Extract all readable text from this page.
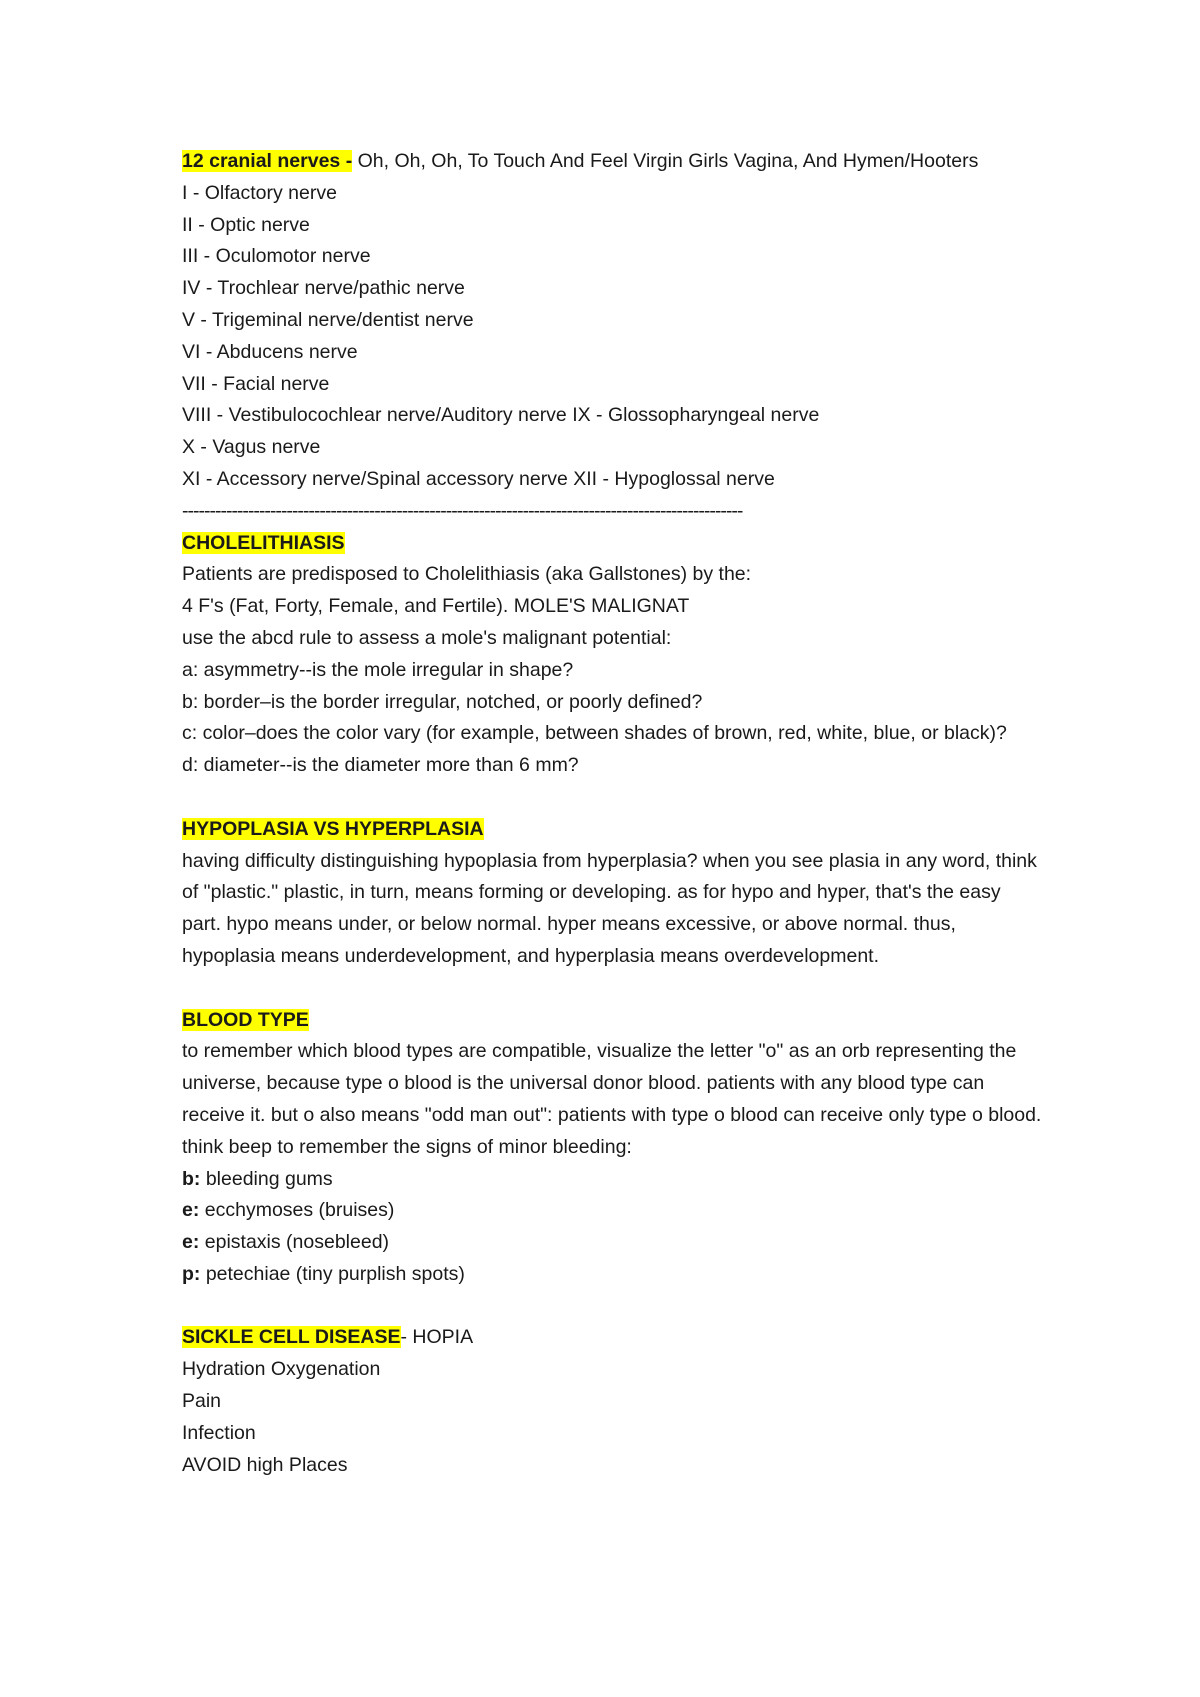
12 cranial nerves - Oh, Oh, Oh, To Touch And Feel Virgin Girls Vagina, And Hymen/Hooters
I - Olfactory nerve
II - Optic nerve
III - Oculomotor nerve
IV - Trochlear nerve/pathic nerve
V - Trigeminal nerve/dentist nerve
VI - Abducens nerve
VII - Facial nerve
VIII - Vestibulocochlear nerve/Auditory nerve IX - Glossopharyngeal nerve
X - Vagus nerve
XI - Accessory nerve/Spinal accessory nerve XII - Hypoglossal nerve
------------------------------------------------------------------------------------------------------
CHOLELITHIASIS
Patients are predisposed to Cholelithiasis (aka Gallstones) by the:
4 F's (Fat, Forty, Female, and Fertile). MOLE'S MALIGNAT
use the abcd rule to assess a mole's malignant potential:
a: asymmetry--is the mole irregular in shape?
b: border–is the border irregular, notched, or poorly defined?
c: color–does the color vary (for example, between shades of brown, red, white, blue, or black)?
d: diameter--is the diameter more than 6 mm?
HYPOPLASIA VS HYPERPLASIA
having difficulty distinguishing hypoplasia from hyperplasia? when you see plasia in any word, think of "plastic." plastic, in turn, means forming or developing. as for hypo and hyper, that's the easy part. hypo means under, or below normal. hyper means excessive, or above normal. thus, hypoplasia means underdevelopment, and hyperplasia means overdevelopment.
BLOOD TYPE
to remember which blood types are compatible, visualize the letter "o" as an orb representing the universe, because type o blood is the universal donor blood. patients with any blood type can receive it. but o also means "odd man out": patients with type o blood can receive only type o blood. think beep to remember the signs of minor bleeding:
b: bleeding gums
e: ecchymoses (bruises)
e: epistaxis (nosebleed)
p: petechiae (tiny purplish spots)
SICKLE CELL DISEASE- HOPIA
Hydration Oxygenation
Pain
Infection
AVOID high Places
